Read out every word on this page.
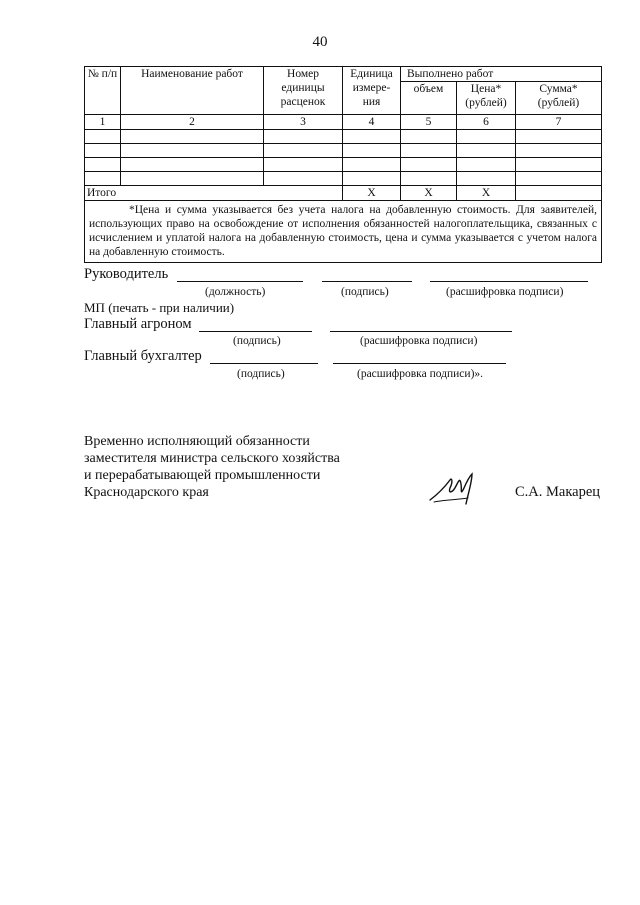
40
№ п/п	Наименование работ	Номер единицы расценок	Единица измере-ния	Выполнено работ		
				объем	Цена* (рублей)	Сумма* (рублей)
1	2	3	4	5	6	7

Итого			Х	Х	Х	

*Цена и сумма указывается без учета налога на добавленную стоимость. Для заявителей, использующих право на освобождение от исполнения обязанностей налогоплательщика, связанных с исчислением и уплатой налога на добавленную стоимость, цена и сумма указывается с учетом налога на добавленную стоимость.						
Руководитель
(должность)	(подпись)	(расшифровка подписи)
МП (печать - при наличии)
Главный агроном
(подпись)	(расшифровка подписи)
Главный бухгалтер
(подпись)	(расшифровка подписи)».
Временно исполняющий обязанности
заместителя министра сельского хозяйства
и перерабатывающей промышленности
Краснодарского края	С.А. Макарец
